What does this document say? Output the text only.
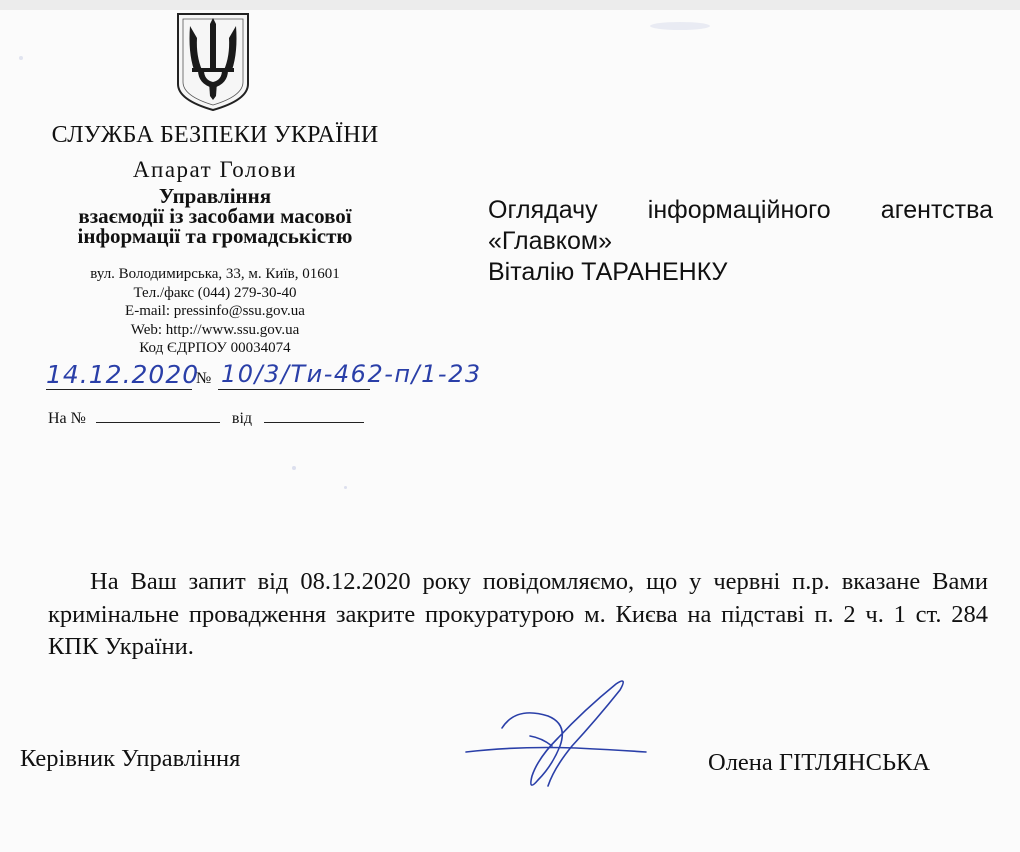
СЛУЖБА БЕЗПЕКИ УКРАЇНИ
Апарат Голови
Управління
взаємодії із засобами масової
інформації та громадськістю
вул. Володимирська, 33, м. Київ, 01601
Тел./факс (044) 279-30-40
E-mail: pressinfo@ssu.gov.ua
Web: http://www.ssu.gov.ua
Код ЄДРПОУ 00034074
14.12.2020
№ 10/3/Ти-462-п/1-23
На №	від
Оглядачу інформаційного агентства
«Главком»
Віталію ТАРАНЕНКУ

На Ваш запит від 08.12.2020 року повідомляємо, що у червні п.р. вказане Вами кримінальне провадження закрите прокуратурою м. Києва на підставі п. 2 ч. 1 ст. 284 КПК України.

Керівник Управління	Олена ГІТЛЯНСЬКА
